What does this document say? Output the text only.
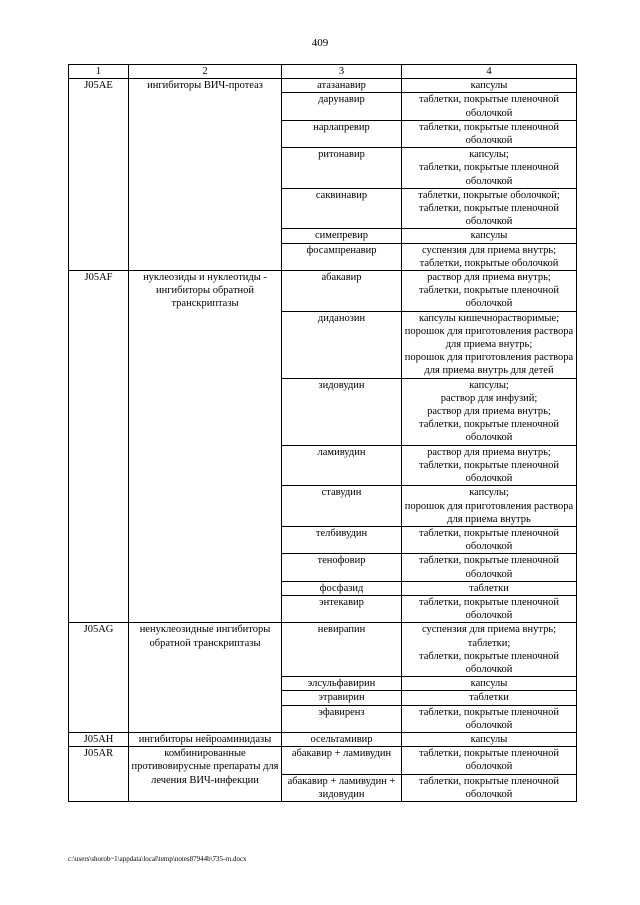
409
1	2	3	4
J05AE	ингибиторы ВИЧ-протеаз	атазанавир	капсулы
		дарунавир	таблетки, покрытые пленочной оболочкой
		нарлапревир	таблетки, покрытые пленочной оболочкой
		ритонавир	капсулы;
таблетки, покрытые пленочной оболочкой
		саквинавир	таблетки, покрытые оболочкой;
таблетки, покрытые пленочной оболочкой
		симепревир	капсулы
		фосампренавир	суспензия для приема внутрь;
таблетки, покрытые оболочкой
J05AF	нуклеозиды и нуклеотиды - ингибиторы обратной транскриптазы	абакавир	раствор для приема внутрь;
таблетки, покрытые пленочной оболочкой
		диданозин	капсулы кишечнорастворимые;
порошок для приготовления раствора для приема внутрь;
порошок для приготовления раствора для приема внутрь для детей
		зидовудин	капсулы;
раствор для инфузий;
раствор для приема внутрь;
таблетки, покрытые пленочной оболочкой
		ламивудин	раствор для приема внутрь;
таблетки, покрытые пленочной оболочкой
		ставудин	капсулы;
порошок для приготовления раствора для приема внутрь
		телбивудин	таблетки, покрытые пленочной оболочкой
		тенофовир	таблетки, покрытые пленочной оболочкой
		фосфазид	таблетки
		энтекавир	таблетки, покрытые пленочной оболочкой
J05AG	ненуклеозидные ингибиторы обратной транскриптазы	невирапин	суспензия для приема внутрь;
таблетки;
таблетки, покрытые пленочной оболочкой
		элсульфавирин	капсулы
		этравирин	таблетки
		эфавиренз	таблетки, покрытые пленочной оболочкой
J05AH	ингибиторы нейроаминидазы	осельтамивир	капсулы
J05AR	комбинированные противовирусные препараты для лечения ВИЧ-инфекции	абакавир + ламивудин	таблетки, покрытые пленочной оболочкой
		абакавир + ламивудин + зидовудин	таблетки, покрытые пленочной оболочкой
c:\users\shorob~1\appdata\local\temp\notes87944b\735-rn.docx
